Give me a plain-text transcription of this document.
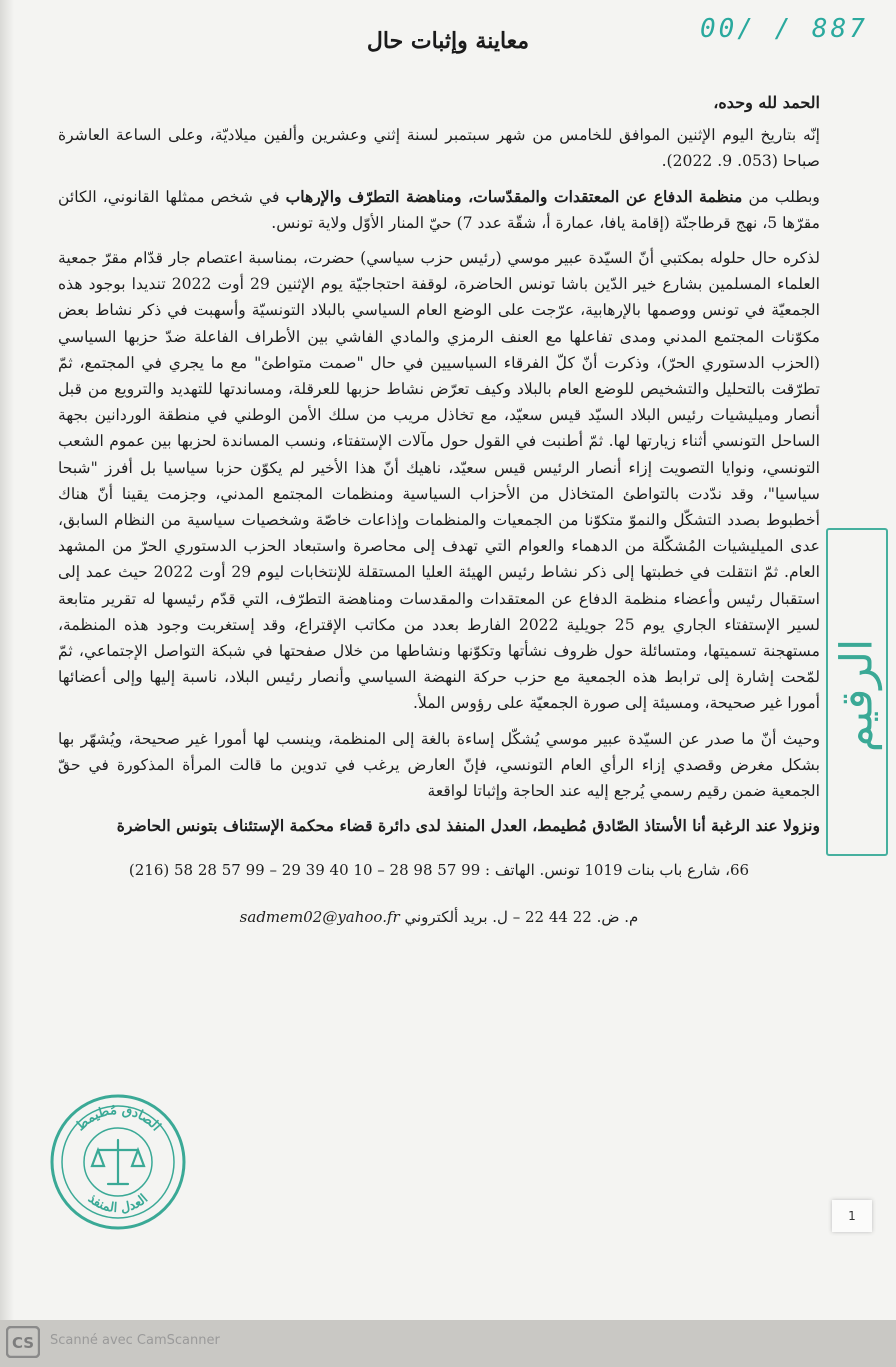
00/ / 887
معاينة وإثبات حال

الحمد لله وحده،

إنّه بتاريخ اليوم الإثنين الموافق للخامس من شهر سبتمبر لسنة إثني وعشرين وألفين ميلاديّة، وعلى الساعة العاشرة صباحا (053. 9. 2022).

وبطلب من منظمة الدفاع عن المعتقدات والمقدّسات، ومناهضة التطرّف والإرهاب في شخص ممثلها القانوني، الكائن مقرّها 5، نهج قرطاجنّة (إقامة يافا، عمارة أ، شقّة عدد 7) حيّ المنار الأوّل ولاية تونس.

لذكره حال حلوله بمكتبي أنّ السيّدة عبير موسي (رئيس حزب سياسي) حضرت، بمناسبة اعتصام جار قدّام مقرّ جمعية العلماء المسلمين بشارع خير الدّين باشا تونس الحاضرة، لوقفة احتجاجيّة يوم الإثنين 29 أوت 2022 تنديدا بوجود هذه الجمعيّة في تونس ووصمها بالإرهابية، عرّجت على الوضع العام السياسي بالبلاد التونسيّة وأسهبت في ذكر نشاط بعض مكوّنات المجتمع المدني ومدى تفاعلها مع العنف الرمزي والمادي الفاشي بين الأطراف الفاعلة ضدّ حزبها السياسي (الحزب الدستوري الحرّ)، وذكرت أنّ كلّ الفرقاء السياسيين في حال "صمت متواطئ" مع ما يجري في المجتمع، ثمّ تطرّقت بالتحليل والتشخيص للوضع العام بالبلاد وكيف تعرّض نشاط حزبها للعرقلة، ومساندتها للتهديد والترويع من قبل أنصار وميليشيات رئيس البلاد السيّد قيس سعيّد، مع تخاذل مريب من سلك الأمن الوطني في منطقة الوردانين بجهة الساحل التونسي أثناء زيارتها لها. ثمّ أطنبت في القول حول مآلات الإستفتاء، ونسب المساندة لحزبها بين عموم الشعب التونسي، ونوايا التصويت إزاء أنصار الرئيس قيس سعيّد، ناهيك أنّ هذا الأخير لم يكوّن حزبا سياسيا بل أفرز "شبحا سياسيا"، وقد ندّدت بالتواطئ المتخاذل من الأحزاب السياسية ومنظمات المجتمع المدني، وجزمت يقينا أنّ هناك أخطبوط بصدد التشكّل والنموّ متكوّنا من الجمعيات والمنظمات وإذاعات خاصّة وشخصيات سياسية من النظام السابق، عدى الميليشيات المُشكّلة من الدهماء والعوام التي تهدف إلى محاصرة واستبعاد الحزب الدستوري الحرّ من المشهد العام. ثمّ انتقلت في خطبتها إلى ذكر نشاط رئيس الهيئة العليا المستقلة للإنتخابات ليوم 29 أوت 2022 حيث عمد إلى استقبال رئيس وأعضاء منظمة الدفاع عن المعتقدات والمقدسات ومناهضة التطرّف، التي قدّم رئيسها له تقرير متابعة لسير الإستفتاء الجاري يوم 25 جويلية 2022 الفارط بعدد من مكاتب الإقتراع، وقد إستغربت وجود هذه المنظمة، مستهجنة تسميتها، ومتسائلة حول ظروف نشأتها وتكوّنها ونشاطها من خلال صفحتها في شبكة التواصل الإجتماعي، ثمّ لمّحت إشارة إلى ترابط هذه الجمعية مع حزب حركة النهضة السياسي وأنصار رئيس البلاد، ناسبة إليها وإلى أعضائها أمورا غير صحيحة، ومسيئة إلى صورة الجمعيّة على رؤوس الملأ.

وحيث أنّ ما صدر عن السيّدة عبير موسي يُشكّل إساءة بالغة إلى المنظمة، وينسب لها أمورا غير صحيحة، ويُشهّر بها بشكل مغرض وقصدي إزاء الرأي العام التونسي، فإنّ العارض يرغب في تدوين ما قالت المرأة المذكورة في حقّ الجمعية ضمن رقيم رسمي يُرجع إليه عند الحاجة وإثباتا لواقعة

ونزولا عند الرغبة أنا الأستاذ الصّادق مُطيمط، العدل المنفذ لدى دائرة قضاء محكمة الإستئناف بتونس الحاضرة

66، شارع باب بنات 1019 تونس. الهاتف : 99 57 98 28 – 10 40 39 29 – 99 57 28 58 (216)
م. ض. 22 44 22 – ل. بريد ألكتروني sadmem02@yahoo.fr
الرقيم
الصادق مُطيمط
العدل المنفذ
1
CS Scanné avec CamScanner
